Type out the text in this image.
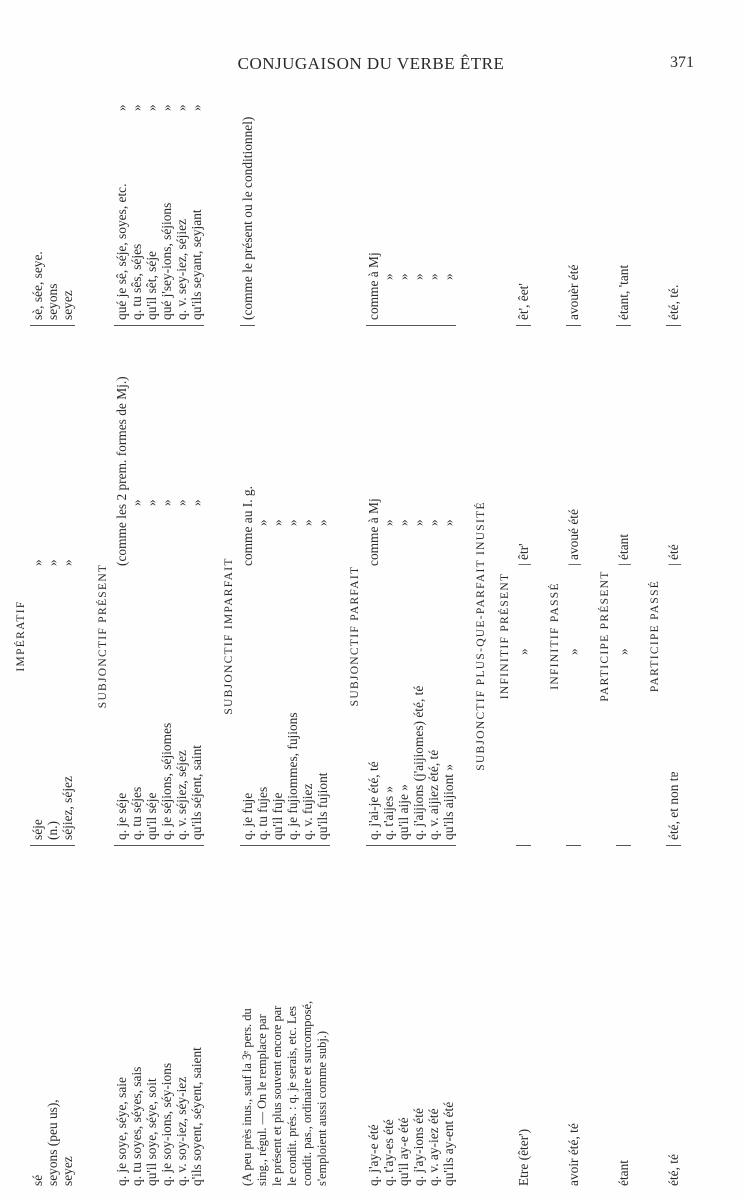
CONJUGAISON DU VERBE ÊTRE	371
IMPÉRATIF
sé seyons (peu us), seyez
séje (n.) séjiez, séjez
» » »
sè, sée, seye. seyons seyez
SUBJONCTIF PRÉSENT
q. je soye, séye, saie q. tu soyes, séyes, sais qu'il soye, séye, soit q. je soy-ions, séy-ions q. v. soy-iez, séy-iez q'ils soyent, séyent, saient
q. je séje q. tu séjes qu'il séje q. je séjions, séjiomes q. v. séjiez, séjez qu'ils séjent, saint
(comme les 2 prem. formes de Mj.) » » » » »
qué je sê, séje, soyes, etc. q. tu sês, séjes qu'il sêt, séje qué j'sey-ions, séjions q. v. sey-iez, séjiez qu'ils seyant, seyjant
» » » » » »
SUBJONCTIF IMPARFAIT
(A peu près inus., sauf la 3ᵉ pers. du sing., régul. — On le remplace par le présent et plus souvent encore par le condit. prés. : q. je serais, etc. Les condit. pas., ordinaire et surcomposé, s'emploient aussi comme subj.)
q. je fuje q. tu fujes qu'il fuje q. je fujiommes, fujions q. v. fujiez qu'ils fujiont
comme au I. g. » » » » »
(comme le présent ou le conditionnel)
SUBJONCTIF PARFAIT
q. j'ay-e été q. t'ay-es été qu'il ay-e été q. j'ay-ions été q. v. ay-iez été qu'ils ay-ent été
q. j'ai-je été, té q. t'aijes » qu'il aije » q. j'aijions (j'aijiomes) été, té q. v. aijiez été, té qu'ils aijiont »
comme à Mj » » » » »
comme à Mj » » » » »
SUBJONCTIF PLUS-QUE-PARFAIT INUSITÉ INFINITIF PRÉSENT
Etre (êter')
»
| êtr'
êt', êet'
INFINITIF PASSÉ
avoir été, té
»
| avoué été
avouèr été
PARTICIPE PRÉSENT
étant
»
| étant
étant, 'tant
PARTICIPE PASSÉ
été, té
été, et non tɐ
| été
été, té.
